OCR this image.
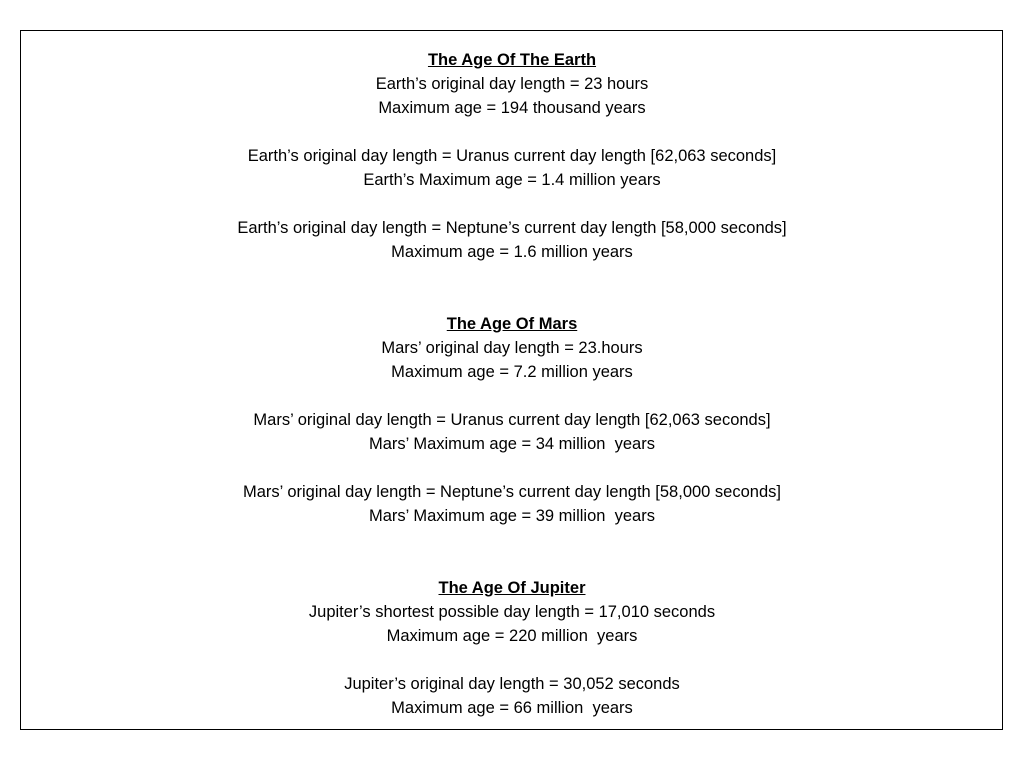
The Age Of The Earth
Earth’s original day length = 23 hours
Maximum age = 194 thousand years
Earth’s original day length = Uranus current day length [62,063 seconds]
Earth’s Maximum age = 1.4 million years
Earth’s original day length = Neptune’s current day length [58,000 seconds]
Maximum age = 1.6 million years
The Age Of Mars
Mars’ original day length = 23.hours
Maximum age = 7.2 million years
Mars’ original day length = Uranus current day length [62,063 seconds]
Mars’ Maximum age = 34 million  years
Mars’ original day length = Neptune’s current day length [58,000 seconds]
Mars’ Maximum age = 39 million  years
The Age Of Jupiter
Jupiter’s shortest possible day length = 17,010 seconds
Maximum age = 220 million  years
Jupiter’s original day length = 30,052 seconds
Maximum age = 66 million  years
